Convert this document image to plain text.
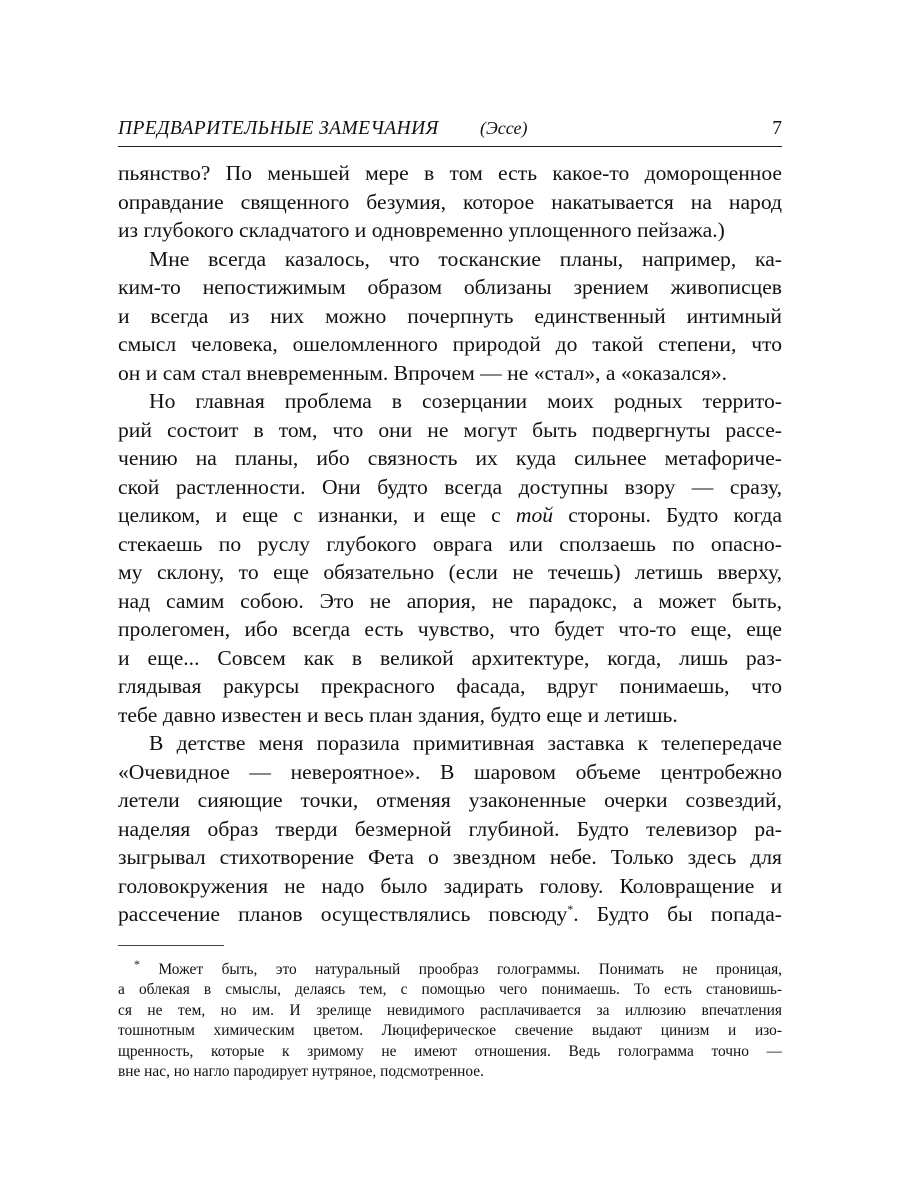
ПРЕДВАРИТЕЛЬНЫЕ ЗАМЕЧАНИЯ (Эссе)	7
пьянство? По меньшей мере в том есть какое-то доморощенное
оправдание священного безумия, которое накатывается на народ
из глубокого складчатого и одновременно уплощенного пейзажа.)
Мне всегда казалось, что тосканские планы, например, ка-
ким-то непостижимым образом облизаны зрением живописцев
и всегда из них можно почерпнуть единственный интимный
смысл человека, ошеломленного природой до такой степени, что
он и сам стал вневременным. Впрочем — не «стал», а «оказался».
Но главная проблема в созерцании моих родных террито-
рий состоит в том, что они не могут быть подвергнуты рассе-
чению на планы, ибо связность их куда сильнее метафориче-
ской растленности. Они будто всегда доступны взору — сразу,
целиком, и еще с изнанки, и еще с той стороны. Будто когда
стекаешь по руслу глубокого оврага или сползаешь по опасно-
му склону, то еще обязательно (если не течешь) летишь вверху,
над самим собою. Это не апория, не парадокс, а может быть,
пролегомен, ибо всегда есть чувство, что будет что-то еще, еще
и еще... Совсем как в великой архитектуре, когда, лишь раз-
глядывая ракурсы прекрасного фасада, вдруг понимаешь, что
тебе давно известен и весь план здания, будто еще и летишь.
В детстве меня поразила примитивная заставка к телепередаче
«Очевидное — невероятное». В шаровом объеме центробежно
летели сияющие точки, отменяя узаконенные очерки созвездий,
наделяя образ тверди безмерной глубиной. Будто телевизор ра-
зыгрывал стихотворение Фета о звездном небе. Только здесь для
головокружения не надо было задирать голову. Коловращение и
рассечение планов осуществлялись повсюду*. Будто бы попада-
* Может быть, это натуральный прообраз голограммы. Понимать не проницая,
а облекая в смыслы, делаясь тем, с помощью чего понимаешь. То есть становишь-
ся не тем, но им. И зрелище невидимого расплачивается за иллюзию впечатления
тошнотным химическим цветом. Люциферическое свечение выдают цинизм и изо-
щренность, которые к зримому не имеют отношения. Ведь голограмма точно —
вне нас, но нагло пародирует нутряное, подсмотренное.
